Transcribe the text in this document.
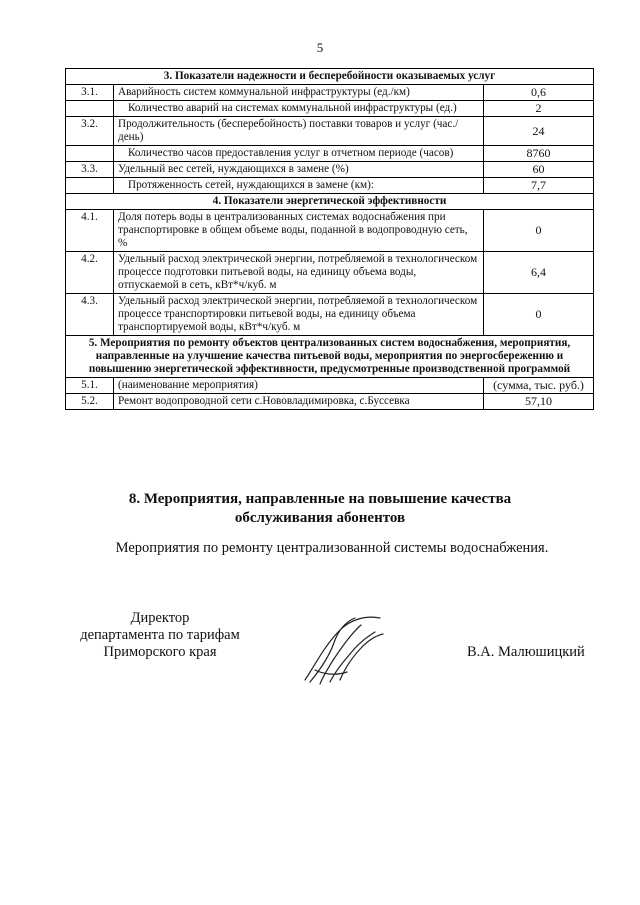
5
3. Показатели надежности и бесперебойности оказываемых услуг		
3.1.	Аварийность систем коммунальной инфраструктуры (ед./км)	0,6
	Количество аварий на системах коммунальной инфраструктуры (ед.)	2
3.2.	Продолжительность (бесперебойность) поставки товаров и услуг (час./день)	24
	Количество часов предоставления услуг в отчетном периоде (часов)	8760
3.3.	Удельный вес сетей, нуждающихся в замене (%)	60
	Протяженность сетей, нуждающихся в замене (км):	7,7
4. Показатели энергетической эффективности		
4.1.	Доля потерь воды в централизованных системах водоснабжения при транспортировке в общем объеме воды, поданной в водопроводную сеть, %	0
4.2.	Удельный расход электрической энергии, потребляемой в технологическом процессе подготовки питьевой воды, на единицу объема воды, отпускаемой в сеть, кВт*ч/куб. м	6,4
4.3.	Удельный расход электрической энергии, потребляемой в технологическом процессе транспортировки питьевой воды, на единицу объема транспортируемой воды, кВт*ч/куб. м	0
5. Мероприятия по ремонту объектов централизованных систем водоснабжения, мероприятия, направленные на улучшение качества питьевой воды, мероприятия по энергосбережению и повышению энергетической эффективности, предусмотренные производственной программой		
5.1.	(наименование мероприятия)	(сумма, тыс. руб.)
5.2.	Ремонт водопроводной сети с.Нововладимировка, с.Буссевка	57,10
8. Мероприятия, направленные на повышение качества
обслуживания абонентов
Мероприятия по ремонту централизованной системы водоснабжения.
Директор
департамента по тарифам
Приморского края	В.А. Малюшицкий
